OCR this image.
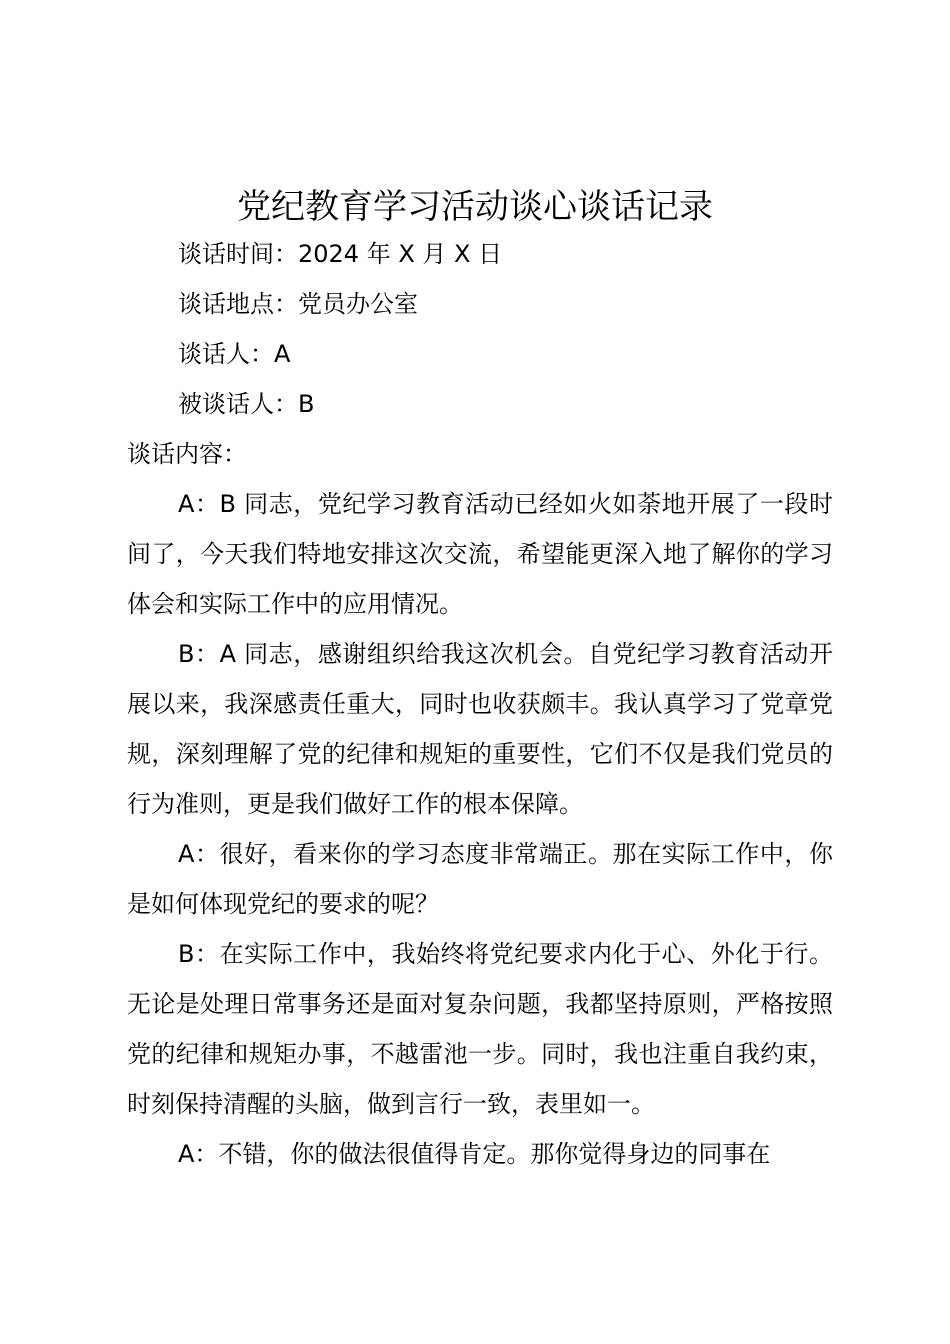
党纪教育学习活动谈心谈话记录
谈话时间：2024 年 X 月 X 日
谈话地点：党员办公室
谈话人：A
被谈话人：B
谈话内容：

A：B 同志，党纪学习教育活动已经如火如荼地开展了一段时间了，今天我们特地安排这次交流，希望能更深入地了解你的学习体会和实际工作中的应用情况。

B：A 同志，感谢组织给我这次机会。自党纪学习教育活动开展以来，我深感责任重大，同时也收获颇丰。我认真学习了党章党规，深刻理解了党的纪律和规矩的重要性，它们不仅是我们党员的行为准则，更是我们做好工作的根本保障。

A：很好，看来你的学习态度非常端正。那在实际工作中，你是如何体现党纪的要求的呢？

B：在实际工作中，我始终将党纪要求内化于心、外化于行。无论是处理日常事务还是面对复杂问题，我都坚持原则，严格按照党的纪律和规矩办事，不越雷池一步。同时，我也注重自我约束，时刻保持清醒的头脑，做到言行一致，表里如一。

A：不错，你的做法很值得肯定。那你觉得身边的同事在
